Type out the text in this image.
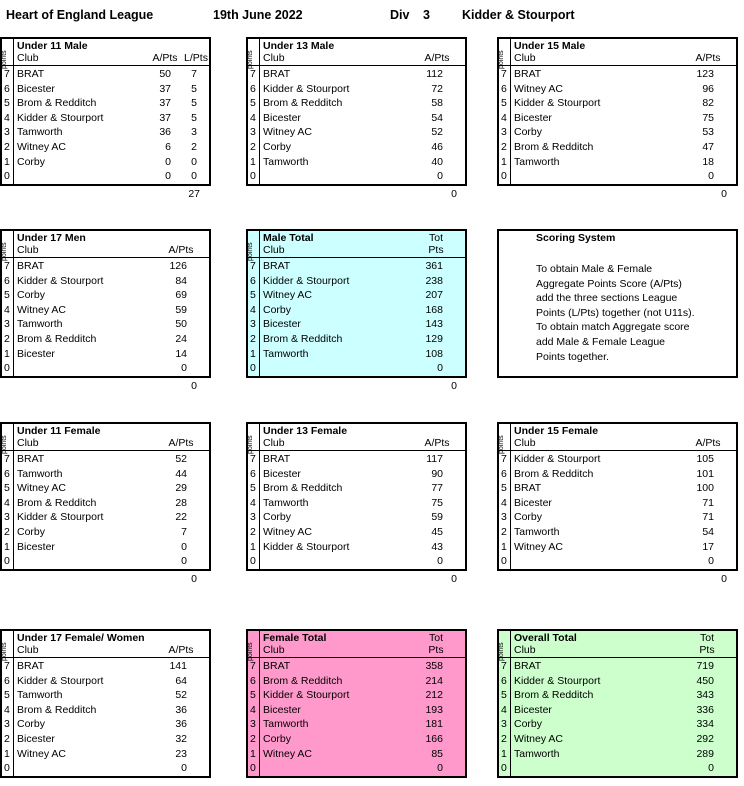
Heart of England League	19th June 2022	Div 3	Kidder & Stourport
points
Under 11 Male
Club	A/Pts L/Pts
7 BRAT	50 7
6 Bicester	37 5
5 Brom & Redditch	37 5
4 Kidder & Stourport	37 5
3 Tamworth	36 3
2 Witney AC	6 2
1 Corby	0 0
0	0 0
27
points
Under 13 Male
Club	A/Pts
7 BRAT	112
6 Kidder & Stourport	72
5 Brom & Redditch	58
4 Bicester	54
3 Witney AC	52
2 Corby	46
1 Tamworth	40
0	0
0
points
Under 15 Male
Club	A/Pts
7 BRAT	123
6 Witney AC	96
5 Kidder & Stourport	82
4 Bicester	75
3 Corby	53
2 Brom & Redditch	47
1 Tamworth	18
0	0
0
points
Under 17 Men
Club	A/Pts
7 BRAT	126
6 Kidder & Stourport	84
5 Corby	69
4 Witney AC	59
3 Tamworth	50
2 Brom & Redditch	24
1 Bicester	14
0	0
0
points
Male Total
Club
Tot
Pts
7 BRAT	361
6 Kidder & Stourport	238
5 Witney AC	207
4 Corby	168
3 Bicester	143
2 Brom & Redditch	129
1 Tamworth	108
0	0
0
Scoring System
To obtain Male & Female
Aggregate Points Score (A/Pts)
add the three sections League
Points (L/Pts) together (not U11s).
To obtain match Aggregate score
add Male & Female League
Points together.
points
Under 11 Female
Club	A/Pts
7 BRAT	52
6 Tamworth	44
5 Witney AC	29
4 Brom & Redditch	28
3 Kidder & Stourport	22
2 Corby	7
1 Bicester	0
0	0
0
points
Under 13 Female
Club	A/Pts
7 BRAT	117
6 Bicester	90
5 Brom & Redditch	77
4 Tamworth	75
3 Corby	59
2 Witney AC	45
1 Kidder & Stourport	43
0	0
0
points
Under 15 Female
Club	A/Pts
7 Kidder & Stourport	105
6 Brom & Redditch	101
5 BRAT	100
4 Bicester	71
3 Corby	71
2 Tamworth	54
1 Witney AC	17
0	0
0
points
Under 17 Female/ Women
Club	A/Pts
7 BRAT	141
6 Kidder & Stourport	64
5 Tamworth	52
4 Brom & Redditch	36
3 Corby	36
2 Bicester	32
1 Witney AC	23
0	0
points
Female Total
Club
Tot
Pts
7 BRAT	358
6 Brom & Redditch	214
5 Kidder & Stourport	212
4 Bicester	193
3 Tamworth	181
2 Corby	166
1 Witney AC	85
0	0
points
Overall Total
Club
Tot
Pts
7 BRAT	719
6 Kidder & Stourport	450
5 Brom & Redditch	343
4 Bicester	336
3 Corby	334
2 Witney AC	292
1 Tamworth	289
0	0
